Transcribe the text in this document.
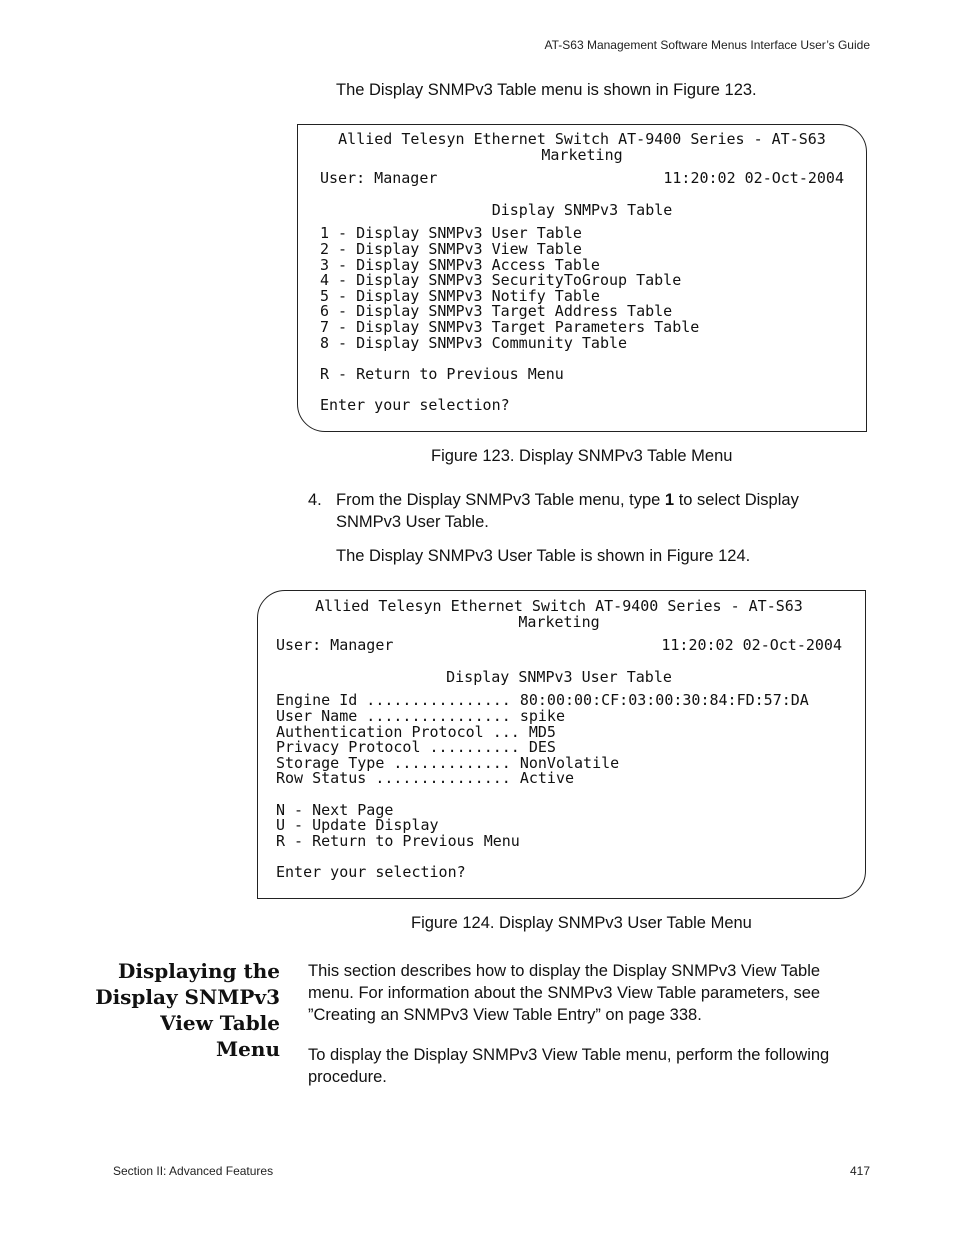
AT-S63 Management Software Menus Interface User’s Guide
The Display SNMPv3 Table menu is shown in Figure 123.
Allied Telesyn Ethernet Switch AT-9400 Series - AT-S63
Marketing
User: Manager	11:20:02 02-Oct-2004
Display SNMPv3 Table
1 - Display SNMPv3 User Table
2 - Display SNMPv3 View Table
3 - Display SNMPv3 Access Table
4 - Display SNMPv3 SecurityToGroup Table
5 - Display SNMPv3 Notify Table
6 - Display SNMPv3 Target Address Table
7 - Display SNMPv3 Target Parameters Table
8 - Display SNMPv3 Community Table
R - Return to Previous Menu
Enter your selection?
Figure 123. Display SNMPv3 Table Menu
4. From the Display SNMPv3 Table menu, type 1 to select Display
SNMPv3 User Table.
The Display SNMPv3 User Table is shown in Figure 124.
Allied Telesyn Ethernet Switch AT-9400 Series - AT-S63
Marketing
User: Manager	11:20:02 02-Oct-2004
Display SNMPv3 User Table
Engine Id ................ 80:00:00:CF:03:00:30:84:FD:57:DA
User Name ................ spike
Authentication Protocol ... MD5
Privacy Protocol .......... DES
Storage Type ............. NonVolatile
Row Status ............... Active
N - Next Page
U - Update Display
R - Return to Previous Menu
Enter your selection?
Figure 124. Display SNMPv3 User Table Menu
Displaying the
Display SNMPv3
View Table
Menu
This section describes how to display the Display SNMPv3 View Table
menu. For information about the SNMPv3 View Table parameters, see
”Creating an SNMPv3 View Table Entry” on page 338.
To display the Display SNMPv3 View Table menu, perform the following
procedure.
Section II: Advanced Features	417
